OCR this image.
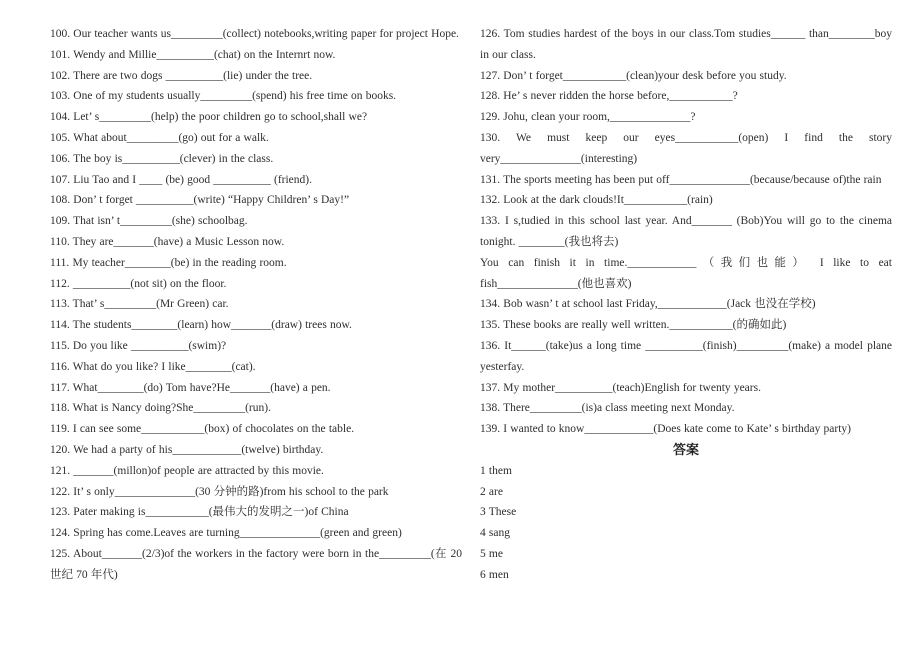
100. Our teacher wants us_________(collect) notebooks,writing paper for project Hope.

101. Wendy and Millie__________(chat) on the Internrt now.

102. There are two dogs __________(lie) under the tree.

103. One of my students usually_________(spend) his free time on books.

104. Let’ s_________(help) the poor children go to school,shall we?

105. What about_________(go) out for a walk.

106. The boy is__________(clever) in the class.

107. Liu Tao and I ____ (be) good __________ (friend).

108. Don’ t forget __________(write) “Happy Children’ s Day!”

109. That isn’ t_________(she) schoolbag.

110. They are_______(have) a Music Lesson now.

111. My teacher________(be) in the reading room.

112. __________(not sit) on the floor.

113. That’ s_________(Mr Green) car.

114. The students________(learn) how_______(draw) trees now.

115. Do you like __________(swim)?

116. What do you like? I like________(cat).

117. What________(do) Tom have?He_______(have) a pen.

118. What is Nancy doing?She_________(run).

119. I can see some___________(box) of chocolates on the table.

120. We had a party of his____________(twelve) birthday.

121. _______(millon)of people are attracted by this movie.

122. It’ s only______________(30 分钟的路)from his school to the park

123. Pater making is___________(最伟大的发明之一)of China

124. Spring has come.Leaves are turning______________(green and green)

125. About_______(2/3)of the workers in the factory were born in the_________(在 20 世纪 70 年代)

126. Tom studies hardest of the boys in our class.Tom studies______ than________boy in our class.

127. Don’ t forget___________(clean)your desk before you study.

128. He’ s never ridden the horse before,___________?

129. Johu, clean your room,______________?

130. We must keep our eyes___________(open) I find the story very______________(interesting)

131. The sports meeting has been put off______________(because/because of)the rain

132. Look at the dark clouds!It___________(rain)

133. I s,tudied in this school last year. And_______ (Bob)You will go to the cinema tonight. ________(我也将去)

You can finish it in time.____________（我们也能） I like to eat fish______________(他也喜欢)

134. Bob wasn’ t at school last Friday,____________(Jack 也没在学校)

135. These books are really well written.___________(的确如此)

136. It______(take)us a long time __________(finish)_________(make) a model plane yesterfay.

137. My mother__________(teach)English for twenty years.

138. There_________(is)a class meeting next Monday.

139. I wanted to know____________(Does kate come to Kate’ s birthday party)

答案

1 them

2 are

3 These

4 sang

5 me

6 men
